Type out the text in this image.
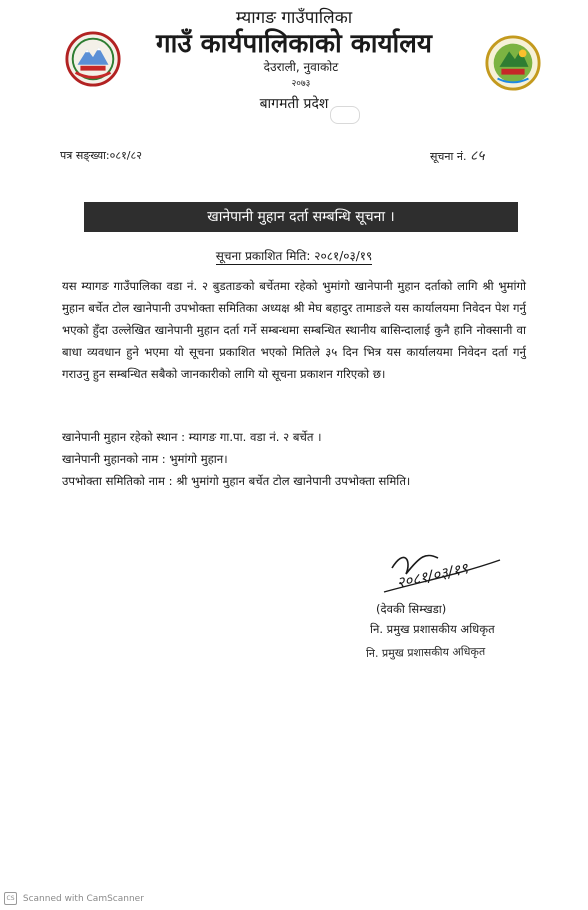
म्यागङ गाउँपालिका
गाउँ कार्यपालिकाको कार्यालय
देउराली, नुवाकोट
२०७३
बागमती प्रदेश
पत्र सङ्ख्या:०८१/८२	सूचना नं. ८५
खानेपानी मुहान दर्ता सम्बन्धि सूचना ।
सूचना प्रकाशित मिति: २०८१/०३/१९
यस म्यागङ गाउँपालिका वडा नं. २ बुडताङको बर्चेतमा रहेको भुमांगो खानेपानी मुहान दर्ताको लागि श्री भुमांगो मुहान बर्चेत टोल खानेपानी उपभोक्ता समितिका अध्यक्ष श्री मेघ बहादुर तामाङले यस कार्यालयमा निवेदन पेश गर्नु भएको हुँदा उल्लेखित खानेपानी मुहान दर्ता गर्ने सम्बन्धमा सम्बन्धित स्थानीय बासिन्दालाई कुनै हानि नोक्सानी वा बाधा व्यवधान हुने भएमा यो सूचना प्रकाशित भएको मितिले ३५ दिन भित्र यस कार्यालयमा निवेदन दर्ता गर्नु गराउनु हुन सम्बन्धित सबैको जानकारीको लागि यो सूचना प्रकाशन गरिएको छ।
खानेपानी मुहान रहेको स्थान : म्यागङ गा.पा. वडा नं. २ बर्चेत ।
खानेपानी मुहानको नाम : भुमांगो मुहान।
उपभोक्ता समितिको नाम : श्री भुमांगो मुहान बर्चेत टोल खानेपानी उपभोक्ता समिति।
२०८१/०३/१९
(देवकी सिम्खडा)
नि. प्रमुख प्रशासकीय अधिकृत
नि. प्रमुख प्रशासकीय अधिकृत
CS Scanned with CamScanner
